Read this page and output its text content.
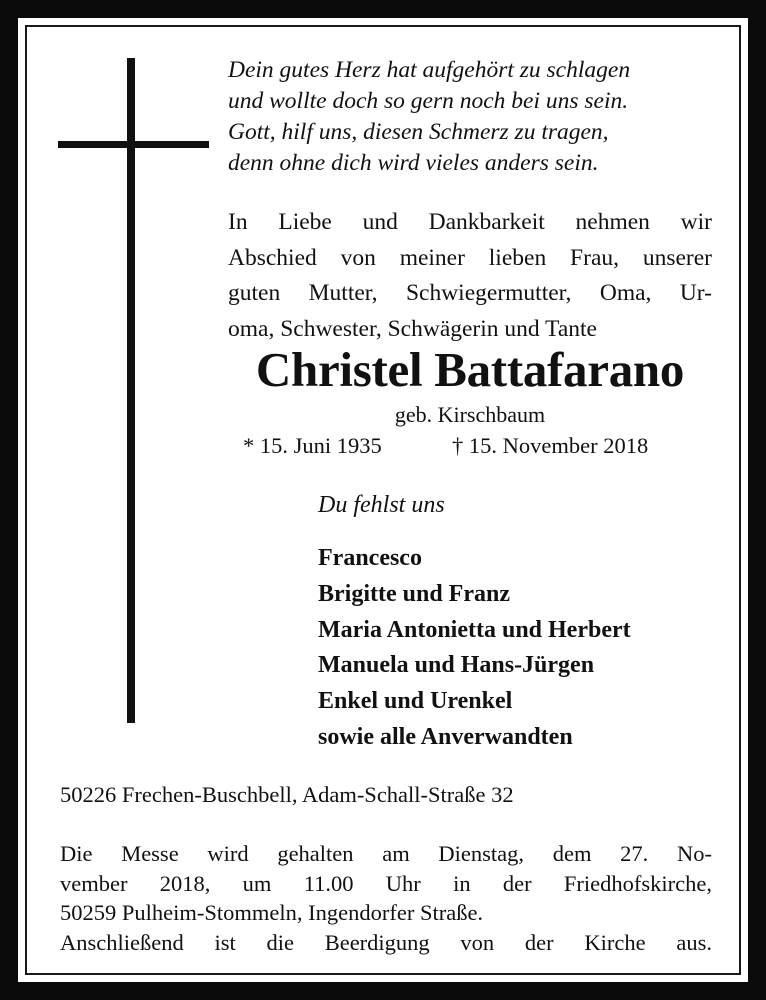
Dein gutes Herz hat aufgehört zu schlagen
und wollte doch so gern noch bei uns sein.
Gott, hilf uns, diesen Schmerz zu tragen,
denn ohne dich wird vieles anders sein.
In Liebe und Dankbarkeit nehmen wir
Abschied von meiner lieben Frau, unserer
guten Mutter, Schwiegermutter, Oma, Ur-
oma, Schwester, Schwägerin und Tante
Christel Battafarano
geb. Kirschbaum
* 15. Juni 1935	† 15. November 2018
Du fehlst uns
Francesco
Brigitte und Franz
Maria Antonietta und Herbert
Manuela und Hans-Jürgen
Enkel und Urenkel
sowie alle Anverwandten
50226 Frechen-Buschbell, Adam-Schall-Straße 32
Die Messe wird gehalten am Dienstag, dem 27. No-
vember 2018, um 11.00 Uhr in der Friedhofskirche,
50259 Pulheim-Stommeln, Ingendorfer Straße.
Anschließend ist die Beerdigung von der Kirche aus.
